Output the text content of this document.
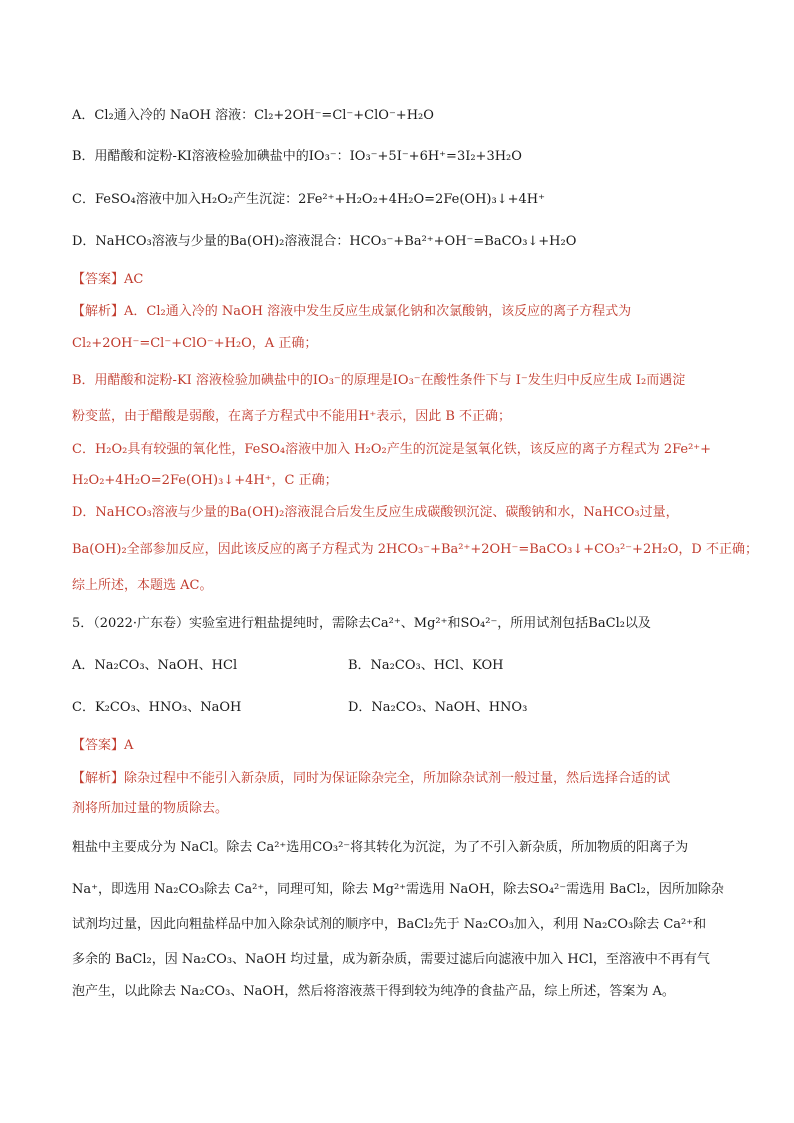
A．Cl₂通入冷的 NaOH 溶液：Cl₂+2OH⁻=Cl⁻+ClO⁻+H₂O
B．用醋酸和淀粉-KI溶液检验加碘盐中的IO₃⁻：IO₃⁻+5I⁻+6H⁺=3I₂+3H₂O
C．FeSO₄溶液中加入H₂O₂产生沉淀：2Fe²⁺+H₂O₂+4H₂O=2Fe(OH)₃↓+4H⁺
D．NaHCO₃溶液与少量的Ba(OH)₂溶液混合：HCO₃⁻+Ba²⁺+OH⁻=BaCO₃↓+H₂O
【答案】AC
【解析】A．Cl₂通入冷的 NaOH 溶液中发生反应生成氯化钠和次氯酸钠，该反应的离子方程式为
Cl₂+2OH⁻=Cl⁻+ClO⁻+H₂O，A 正确；
B．用醋酸和淀粉-KI 溶液检验加碘盐中的IO₃⁻的原理是IO₃⁻在酸性条件下与 I⁻发生归中反应生成 I₂而遇淀
粉变蓝，由于醋酸是弱酸，在离子方程式中不能用H⁺表示，因此 B 不正确；
C．H₂O₂具有较强的氧化性，FeSO₄溶液中加入 H₂O₂产生的沉淀是氢氧化铁，该反应的离子方程式为 2Fe²⁺+
H₂O₂+4H₂O=2Fe(OH)₃↓+4H⁺，C 正确；
D．NaHCO₃溶液与少量的Ba(OH)₂溶液混合后发生反应生成碳酸钡沉淀、碳酸钠和水，NaHCO₃过量，
Ba(OH)₂全部参加反应，因此该反应的离子方程式为 2HCO₃⁻+Ba²⁺+2OH⁻=BaCO₃↓+CO₃²⁻+2H₂O，D 不正确；
综上所述，本题选 AC。
5．（2022·广东卷）实验室进行粗盐提纯时，需除去Ca²⁺、Mg²⁺和SO₄²⁻，所用试剂包括BaCl₂以及
A．Na₂CO₃、NaOH、HCl	B．Na₂CO₃、HCl、KOH
C．K₂CO₃、HNO₃、NaOH	D．Na₂CO₃、NaOH、HNO₃
【答案】A
【解析】除杂过程中不能引入新杂质，同时为保证除杂完全，所加除杂试剂一般过量，然后选择合适的试
剂将所加过量的物质除去。
粗盐中主要成分为 NaCl。除去 Ca²⁺选用CO₃²⁻将其转化为沉淀，为了不引入新杂质，所加物质的阳离子为
Na⁺，即选用 Na₂CO₃除去 Ca²⁺，同理可知，除去 Mg²⁺需选用 NaOH，除去SO₄²⁻需选用 BaCl₂，因所加除杂
试剂均过量，因此向粗盐样品中加入除杂试剂的顺序中，BaCl₂先于 Na₂CO₃加入，利用 Na₂CO₃除去 Ca²⁺和
多余的 BaCl₂，因 Na₂CO₃、NaOH 均过量，成为新杂质，需要过滤后向滤液中加入 HCl，至溶液中不再有气
泡产生，以此除去 Na₂CO₃、NaOH，然后将溶液蒸干得到较为纯净的食盐产品，综上所述，答案为 A。
